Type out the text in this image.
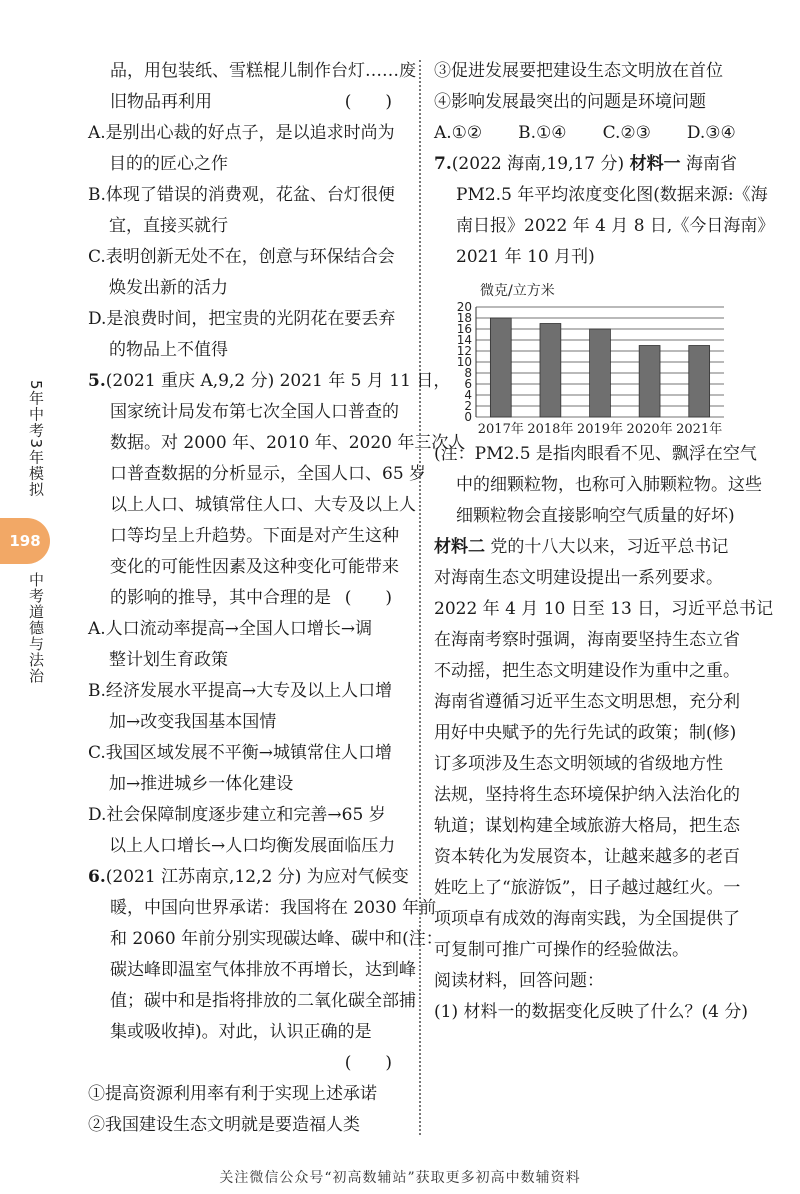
5年中考3年模拟
198
中考道德与法治
品，用包装纸、雪糕棍儿制作台灯……废
旧物品再利用	(　　)
A.是别出心裁的好点子，是以追求时尚为
目的的匠心之作
B.体现了错误的消费观，花盆、台灯很便
宜，直接买就行
C.表明创新无处不在，创意与环保结合会
焕发出新的活力
D.是浪费时间，把宝贵的光阴花在要丢弃
的物品上不值得
5.(2021 重庆 A,9,2 分) 2021 年 5 月 11 日，
国家统计局发布第七次全国人口普查的
数据。对 2000 年、2010 年、2020 年三次人
口普查数据的分析显示，全国人口、65 岁
以上人口、城镇常住人口、大专及以上人
口等均呈上升趋势。下面是对产生这种
变化的可能性因素及这种变化可能带来
的影响的推导，其中合理的是 (　　)
A.人口流动率提高→全国人口增长→调
整计划生育政策
B.经济发展水平提高→大专及以上人口增
加→改变我国基本国情
C.我国区域发展不平衡→城镇常住人口增
加→推进城乡一体化建设
D.社会保障制度逐步建立和完善→65 岁
以上人口增长→人口均衡发展面临压力
6.(2021 江苏南京,12,2 分) 为应对气候变
暖，中国向世界承诺：我国将在 2030 年前
和 2060 年前分别实现碳达峰、碳中和(注：
碳达峰即温室气体排放不再增长，达到峰
值；碳中和是指将排放的二氧化碳全部捕
集或吸收掉)。对此，认识正确的是
(　　)
①提高资源利用率有利于实现上述承诺
②我国建设生态文明就是要造福人类
③促进发展要把建设生态文明放在首位
④影响发展最突出的问题是环境问题
A.①② B.①④ C.②③ D.③④
7.(2022 海南,19,17 分) 材料一 海南省
PM2.5 年平均浓度变化图(数据来源:《海
南日报》2022 年 4 月 8 日,《今日海南》
2021 年 10 月刊)
微克/立方米
0
2
4
6
8
10
12
14
16
18
20
2017年 2018年 2019年 2020年 2021年
(注：PM2.5 是指肉眼看不见、飘浮在空气
中的细颗粒物，也称可入肺颗粒物。这些
细颗粒物会直接影响空气质量的好坏)
材料二 党的十八大以来，习近平总书记
对海南生态文明建设提出一系列要求。
2022 年 4 月 10 日至 13 日，习近平总书记
在海南考察时强调，海南要坚持生态立省
不动摇，把生态文明建设作为重中之重。
海南省遵循习近平生态文明思想，充分利
用好中央赋予的先行先试的政策；制(修)
订多项涉及生态文明领域的省级地方性
法规，坚持将生态环境保护纳入法治化的
轨道；谋划构建全域旅游大格局，把生态
资本转化为发展资本，让越来越多的老百
姓吃上了“旅游饭”，日子越过越红火。一
项项卓有成效的海南实践，为全国提供了
可复制可推广可操作的经验做法。
阅读材料，回答问题：
(1) 材料一的数据变化反映了什么？(4 分)
关注微信公众号“初高数辅站”获取更多初高中数辅资料
